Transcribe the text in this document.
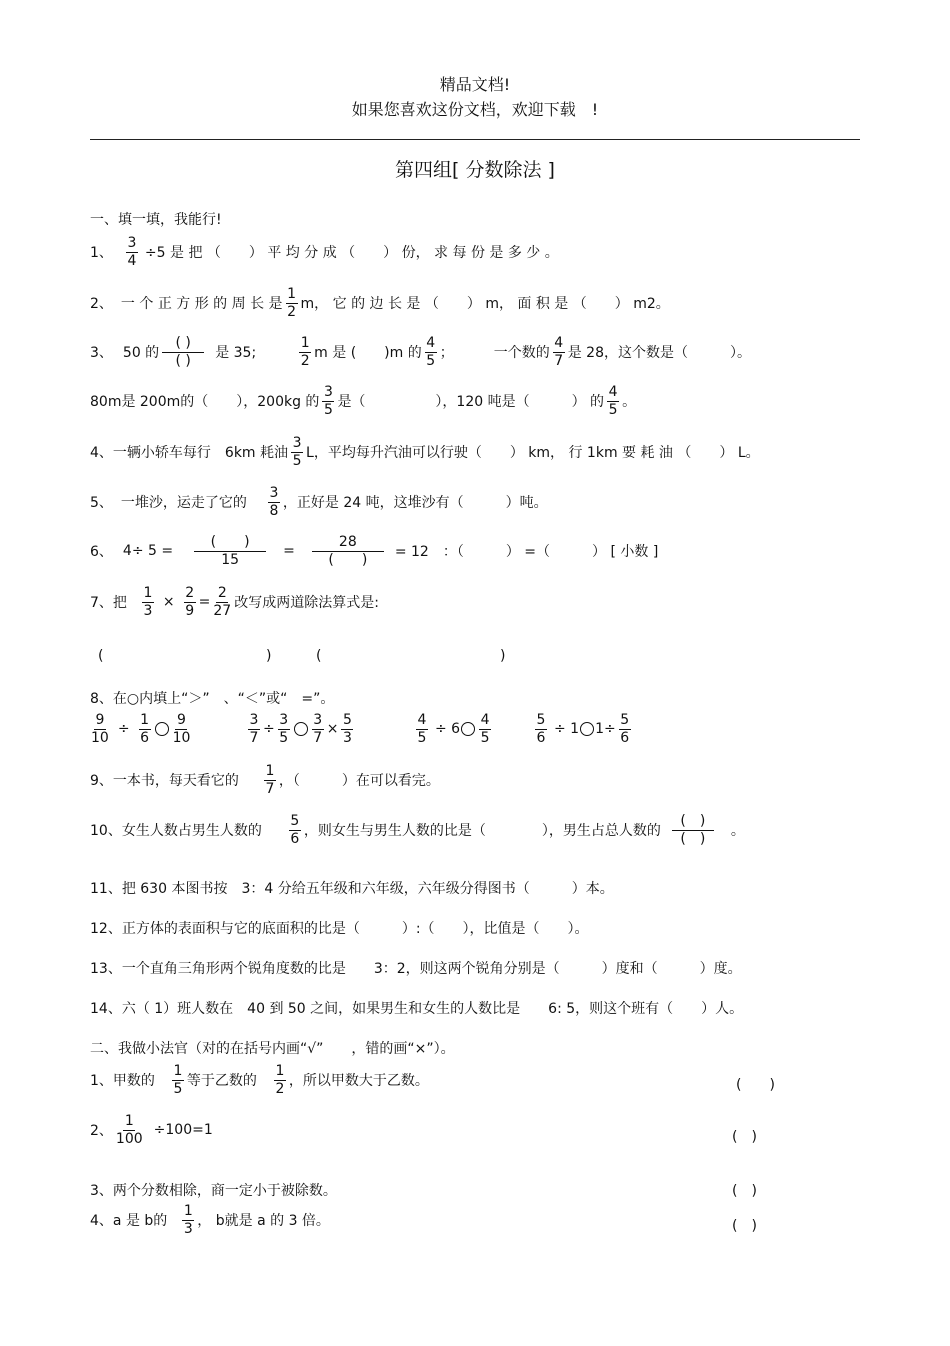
精品文档!
如果您喜欢这份文档，欢迎下载　!
第四组[ 分数除法 ]
一、填一填，我能行!
1、 $\frac{3}{4} \div 5$ 是 把 （　　） 平 均 分 成 （　　） 份， 求 每 份 是 多 少 。
2、 一 个 正 方 形 的 周 长 是 $\frac{1}{2}$ m， 它 的 边 长 是 （　　） m， 面 积 是 （　　） m2。
3、 50 的 $\frac{( )}{( )}$ 是 35;	$\frac{1}{2}$ m 是 (　　)m 的 $\frac{4}{5}$ ；	一个数的 $\frac{4}{7}$ 是 28，这个数是（　　　）。
80m是 200m的（　　），200kg 的 $\frac{3}{5}$ 是（　　　　　），120 吨是（　　　） 的 $\frac{4}{5}$ 。
4、 一辆小轿车每行　6km 耗油 $\frac{3}{5}$ L，平均每升汽油可以行驶（　　） km， 行 1km 要 耗 油 （　　） L。
5、 一堆沙，运走了它的 $\frac{3}{8}$ ，正好是 24 吨，这堆沙有（　　　）吨。
6、 $4\div 5 = \frac{( )}{15} = \frac{28}{( )} = 12$　：（　　　） =（　　　） [ 小数 ]
7、 把 $\frac{1}{3} \times \frac{2}{9} = \frac{2}{27}$ 改写成两道除法算式是:
(	)	(	)
8、 在○内填上“＞”　、“＜”或“　=”。
$\frac{9}{10} \div \frac{1}{6} \frac{9}{10}$	$\frac{3}{7} \div \frac{3}{5} \frac{3}{7} \times \frac{5}{3}$	$\frac{4}{5} \div 6 \frac{4}{5}$	$\frac{5}{6} \div 1$ $1\div \frac{5}{6}$
9、 一本书，每天看它的 $\frac{1}{7}$ ，（　　　）在可以看完。
10、 女生人数占男生人数的 $\frac{5}{6}$ ，则女生与男生人数的比是（　　　　），男生占总人数的 $\frac{( )}{( )}$ 。
11、 把 630 本图书按　3：4 分给五年级和六年级，六年级分得图书（　　　）本。
12、 正方体的表面积与它的底面积的比是（　　　）:（　　），比值是（　　）。
13、 一个直角三角形两个锐角度数的比是　　3：2，则这两个锐角分别是（　　　）度和（　　　）度。
14、 六（ 1）班人数在　40 到 50 之间，如果男生和女生的人数比是　　6: 5，则这个班有（　　）人。
二、我做小法官（对的在括号内画“√”　　，错的画“×”）。
1、 甲数的 $\frac{1}{5}$ 等于乙数的 $\frac{1}{2}$ ，所以甲数大于乙数。	(　　)
2、 $\frac{1}{100} \div 100=1$	(　)
3、 两个分数相除，商一定小于被除数。	(　)
4、 a 是 b的 $\frac{1}{3}$ ， b就是 a 的 3 倍。	(　)
